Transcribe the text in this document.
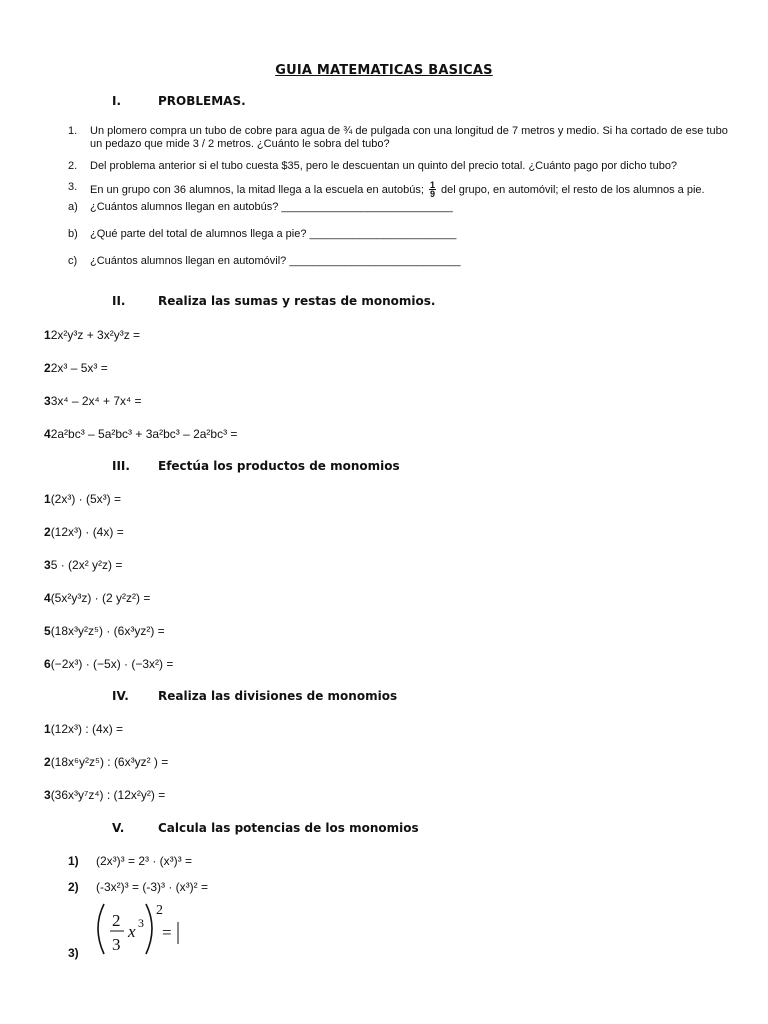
GUIA MATEMATICAS BASICAS
I.	PROBLEMAS.
1. Un plomero compra un tubo de cobre para agua de ¾ de pulgada con una longitud de 7 metros y medio. Si ha cortado de ese tubo un pedazo que mide 3 / 2 metros. ¿Cuánto le sobra del tubo?
2. Del problema anterior si el tubo cuesta $35, pero le descuentan un quinto del precio total. ¿Cuánto pago por dicho tubo?
3. En un grupo con 36 alumnos, la mitad llega a la escuela en autobús; $\frac{1}{9}$ del grupo, en automóvil; el resto de los alumnos a pie.
a) ¿Cuántos alumnos llegan en autobús? ____________________________
b) ¿Qué parte del total de alumnos llega a pie? ________________________
c) ¿Cuántos alumnos llegan en automóvil? ____________________________
II.	Realiza las sumas y restas de monomios.
12x²y³z + 3x²y³z =
22x³ – 5x³ =
33x⁴ – 2x⁴ + 7x⁴ =
42a²bc³ – 5a²bc³ + 3a²bc³ – 2a²bc³ =
III. Efectúa los productos de monomios
1(2x³) · (5x³) =
2(12x³) · (4x) =
35 · (2x² y²z) =
4(5x²y³z) · (2 y²z²) =
5(18x³y²z⁵) · (6x³yz²) =
6(−2x³) · (−5x) · (−3x²) =
IV. Realiza las divisiones de monomios
1(12x³) : (4x) =
2(18x⁶y²z⁵) : (6x³yz² ) =
3(36x³y⁷z⁴) : (12x²y²) =
V.	Calcula las potencias de los monomios
1) (2x³)³ = 2³ · (x³)³ =
2) (-3x²)³ = (-3)³ · (x³)² =
3)
2
3
x 3
2
=
